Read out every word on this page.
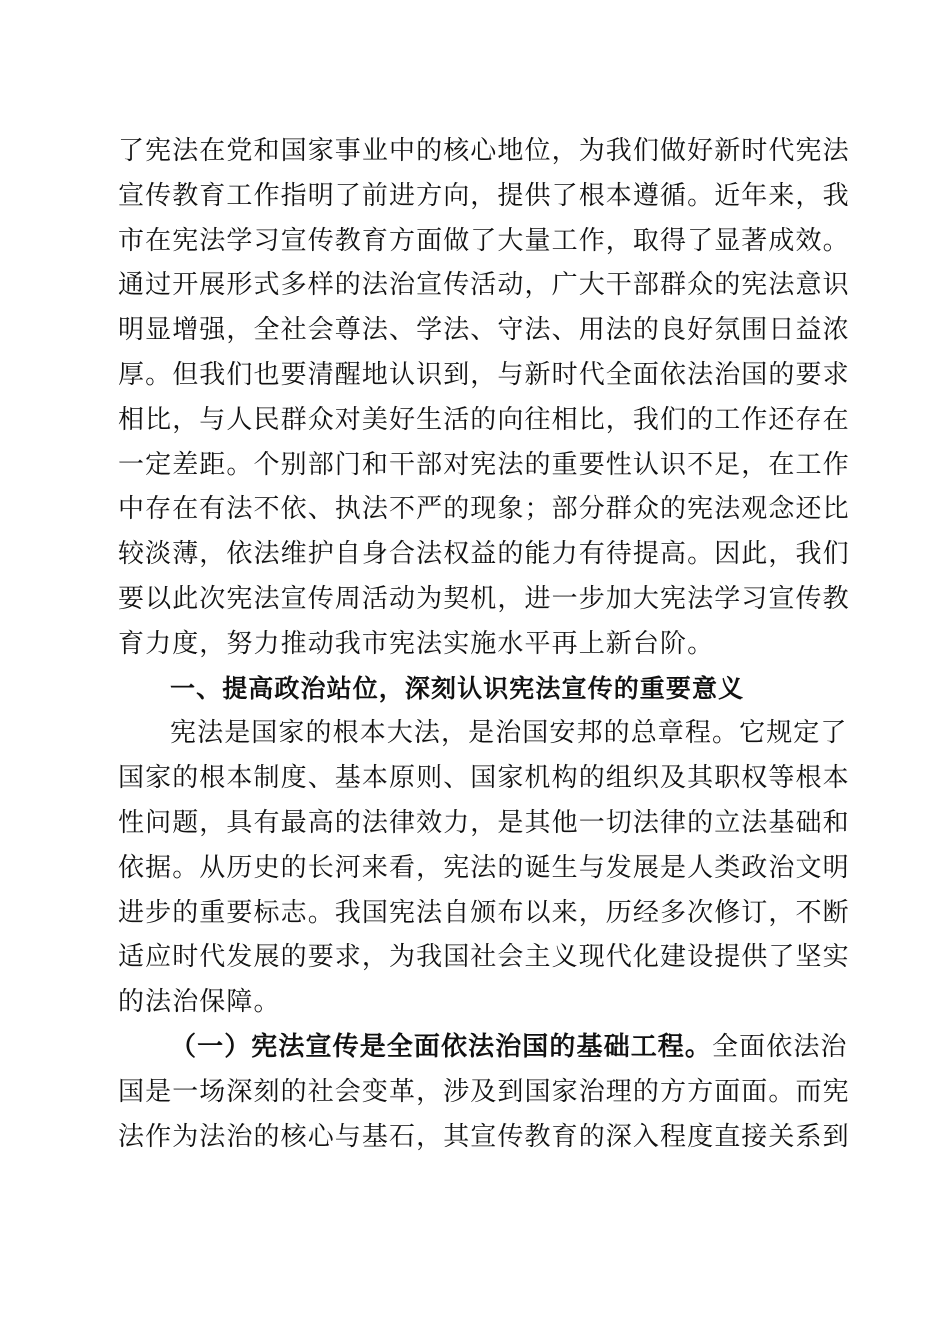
了宪法在党和国家事业中的核心地位，为我们做好新时代宪法
宣传教育工作指明了前进方向，提供了根本遵循。近年来，我
市在宪法学习宣传教育方面做了大量工作，取得了显著成效。
通过开展形式多样的法治宣传活动，广大干部群众的宪法意识
明显增强，全社会尊法、学法、守法、用法的良好氛围日益浓
厚。但我们也要清醒地认识到，与新时代全面依法治国的要求
相比，与人民群众对美好生活的向往相比，我们的工作还存在
一定差距。个别部门和干部对宪法的重要性认识不足，在工作
中存在有法不依、执法不严的现象；部分群众的宪法观念还比
较淡薄，依法维护自身合法权益的能力有待提高。因此，我们
要以此次宪法宣传周活动为契机，进一步加大宪法学习宣传教
育力度，努力推动我市宪法实施水平再上新台阶。
一、提高政治站位，深刻认识宪法宣传的重要意义
宪法是国家的根本大法，是治国安邦的总章程。它规定了
国家的根本制度、基本原则、国家机构的组织及其职权等根本
性问题，具有最高的法律效力，是其他一切法律的立法基础和
依据。从历史的长河来看，宪法的诞生与发展是人类政治文明
进步的重要标志。我国宪法自颁布以来，历经多次修订，不断
适应时代发展的要求，为我国社会主义现代化建设提供了坚实
的法治保障。
（一）宪法宣传是全面依法治国的基础工程。全面依法治
国是一场深刻的社会变革，涉及到国家治理的方方面面。而宪
法作为法治的核心与基石，其宣传教育的深入程度直接关系到
